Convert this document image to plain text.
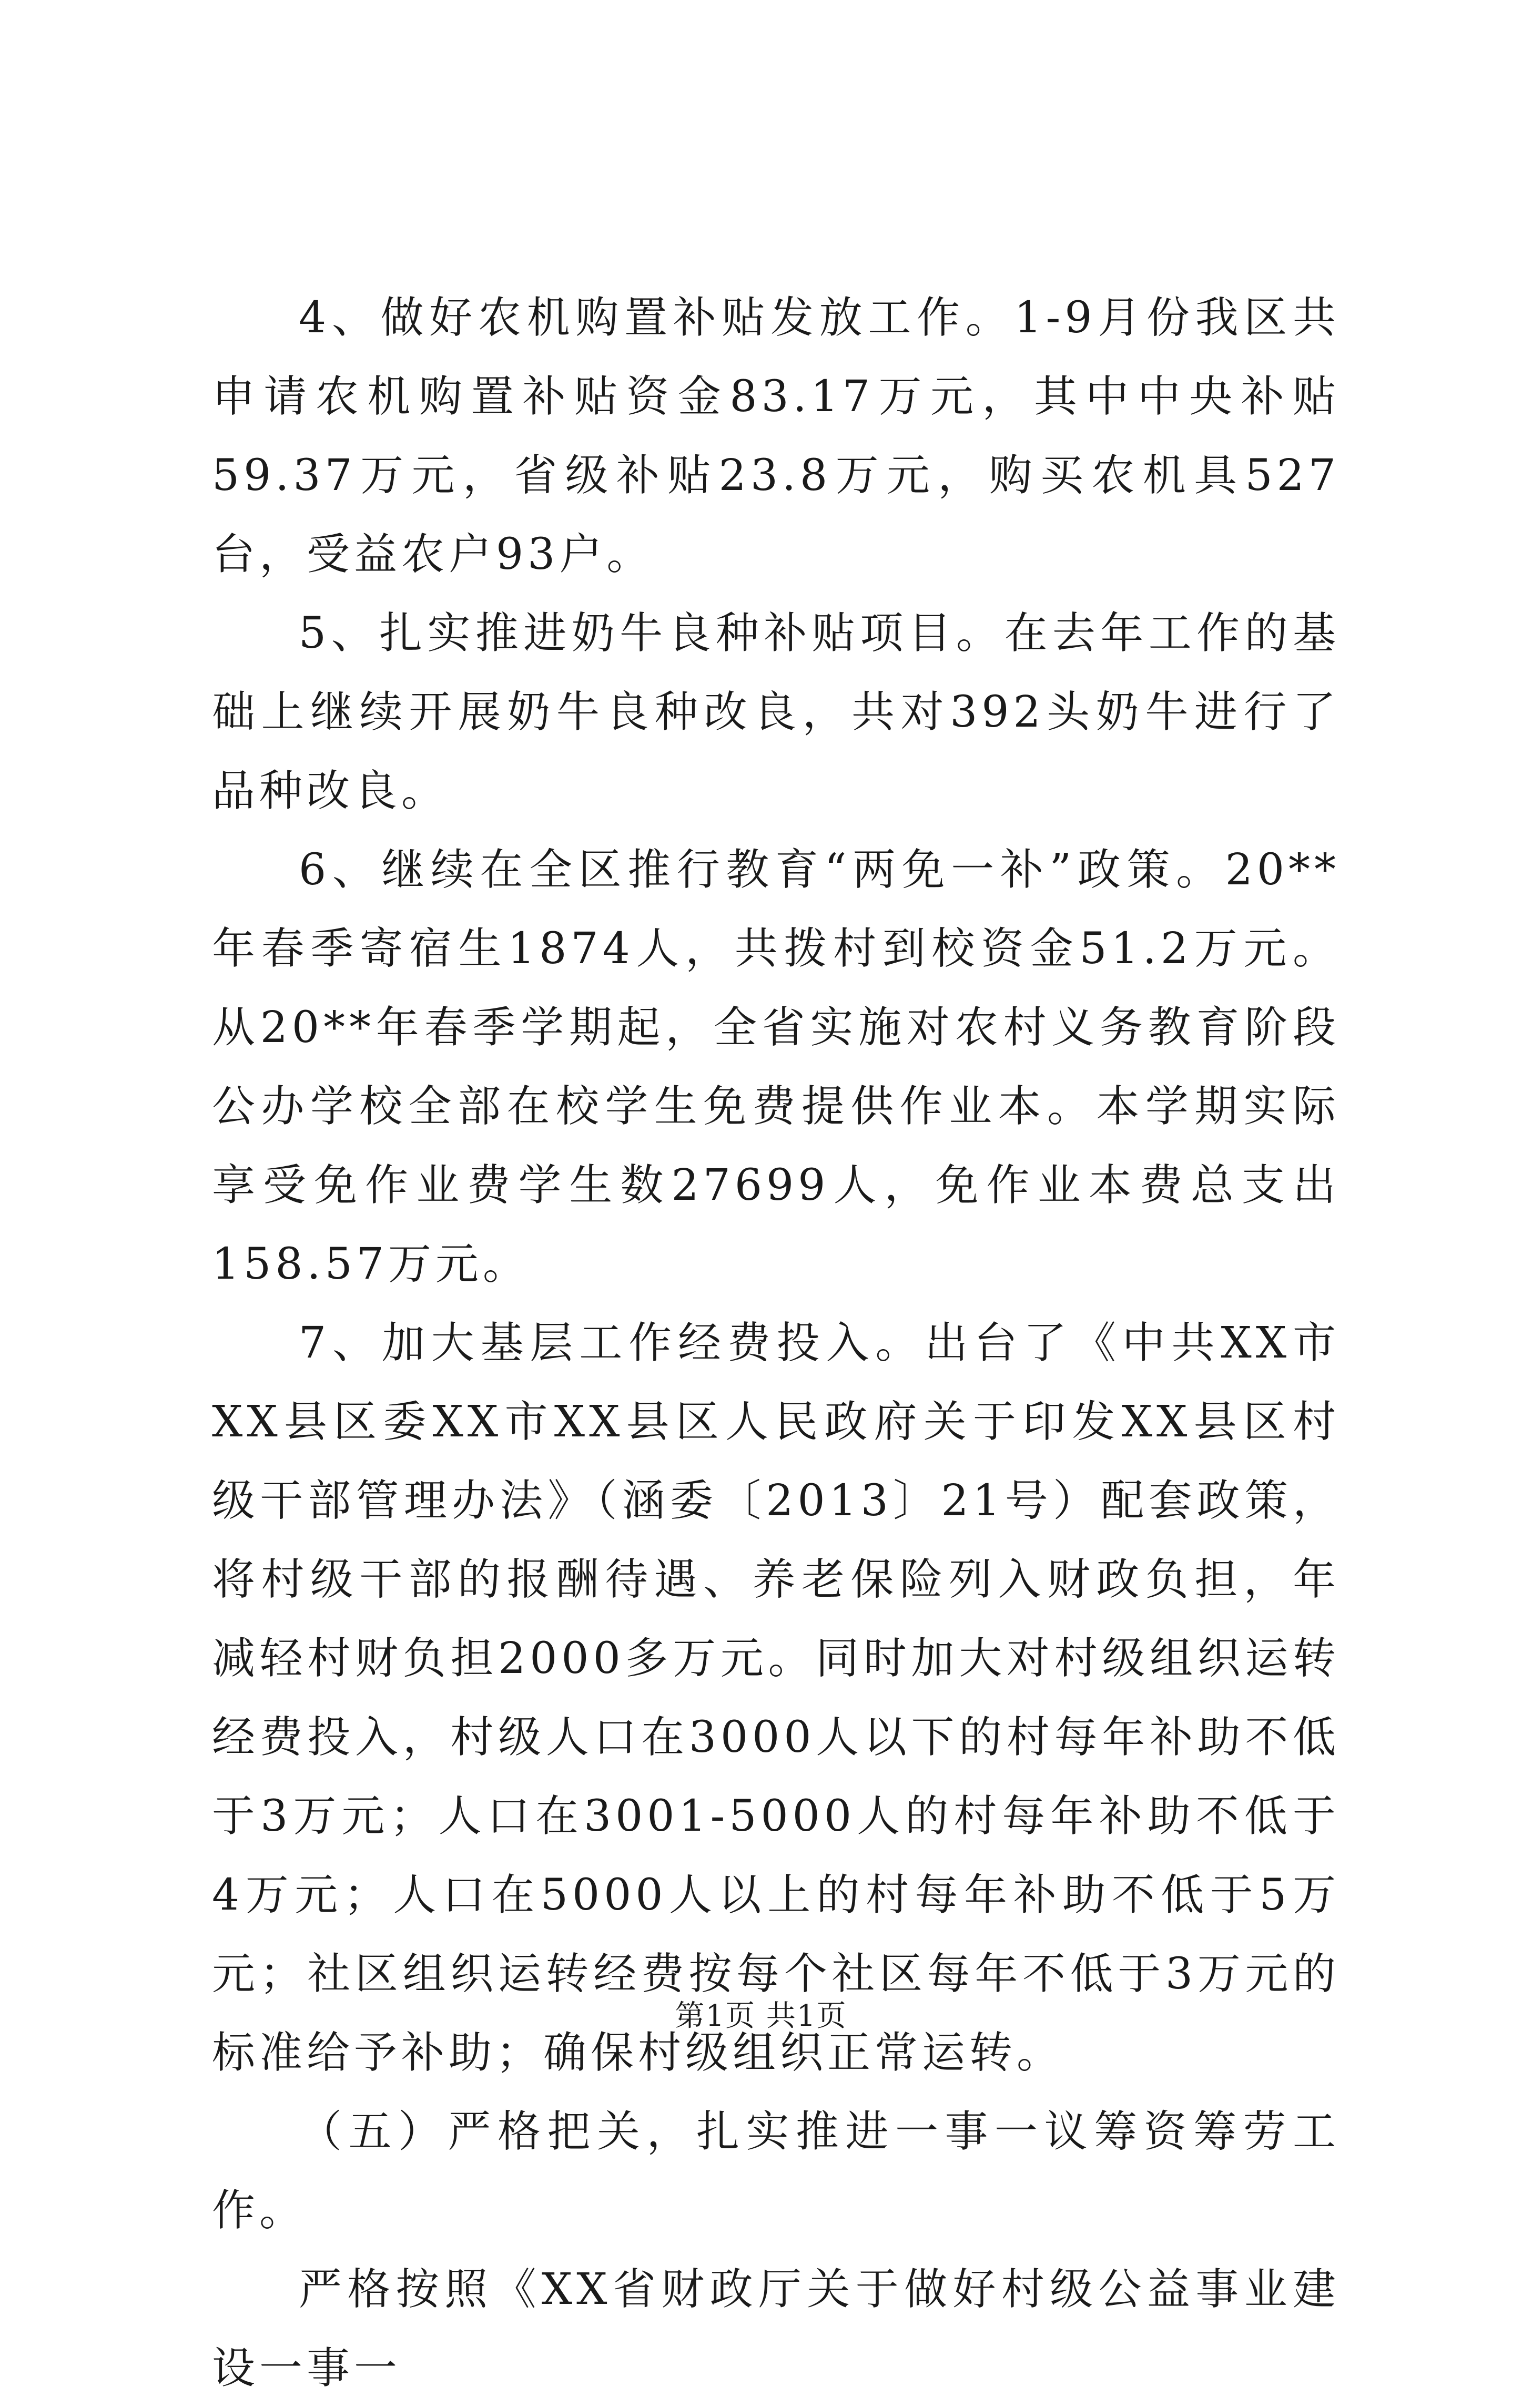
4、做好农机购置补贴发放工作。1-9月份我区共申请农机购置补贴资金83.17万元，其中中央补贴59.37万元，省级补贴23.8万元，购买农机具527台，受益农户93户。

5、扎实推进奶牛良种补贴项目。在去年工作的基础上继续开展奶牛良种改良，共对392头奶牛进行了品种改良。

6、继续在全区推行教育“两免一补”政策。20**年春季寄宿生1874人，共拨村到校资金51.2万元。从20**年春季学期起，全省实施对农村义务教育阶段公办学校全部在校学生免费提供作业本。本学期实际享受免作业费学生数27699人，免作业本费总支出158.57万元。

7、加大基层工作经费投入。出台了《中共XX市XX县区委XX市XX县区人民政府关于印发XX县区村级干部管理办法》（涵委〔2013〕21号）配套政策，将村级干部的报酬待遇、养老保险列入财政负担，年减轻村财负担2000多万元。同时加大对村级组织运转经费投入，村级人口在3000人以下的村每年补助不低于3万元；人口在3001-5000人的村每年补助不低于4万元；人口在5000人以上的村每年补助不低于5万元；社区组织运转经费按每个社区每年不低于3万元的标准给予补助；确保村级组织正常运转。

（五）严格把关，扎实推进一事一议筹资筹劳工作。

严格按照《XX省财政厅关于做好村级公益事业建设一事一

第1页 共1页
